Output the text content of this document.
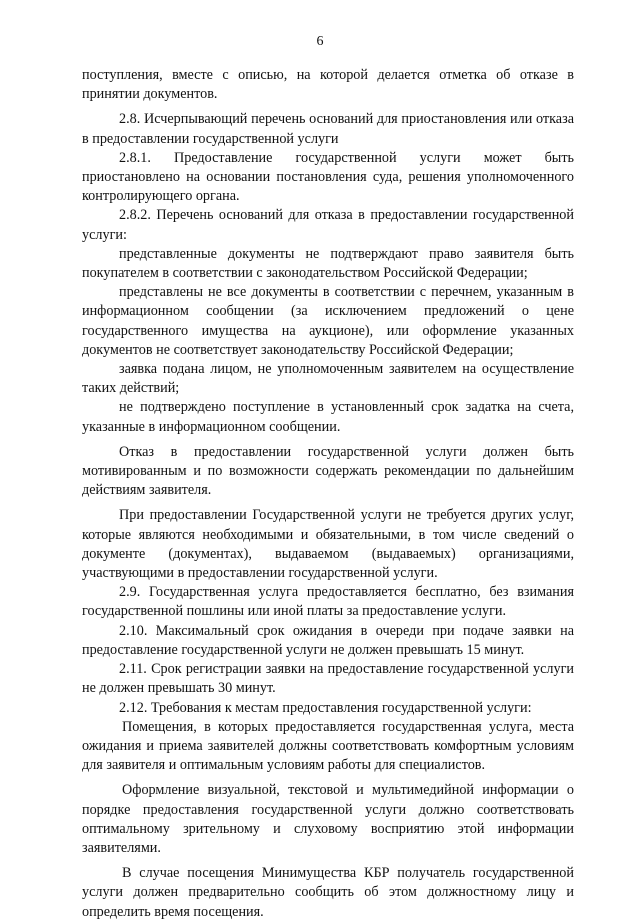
6

поступления, вместе с описью, на которой делается отметка об отказе в принятии документов.

2.8. Исчерпывающий перечень оснований для приостановления или отказа в предоставлении государственной услуги

2.8.1. Предоставление государственной услуги может быть приостановлено на основании постановления суда, решения уполномоченного контролирующего органа.

2.8.2. Перечень оснований для отказа в предоставлении государственной услуги:

представленные документы не подтверждают право заявителя быть покупателем в соответствии с законодательством Российской Федерации;

представлены не все документы в соответствии с перечнем, указанным в информационном сообщении (за исключением предложений о цене государственного имущества на аукционе), или оформление указанных документов не соответствует законодательству Российской Федерации;

заявка подана лицом, не уполномоченным заявителем на осуществление таких действий;

не подтверждено поступление в установленный срок задатка на счета, указанные в информационном сообщении.

Отказ в предоставлении государственной услуги должен быть мотивированным и по возможности содержать рекомендации по дальнейшим действиям заявителя.

При предоставлении Государственной услуги не требуется других услуг, которые являются необходимыми и обязательными, в том числе сведений о документе (документах), выдаваемом (выдаваемых) организациями, участвующими в предоставлении государственной услуги.

2.9. Государственная услуга предоставляется бесплатно, без взимания государственной пошлины или иной платы за предоставление услуги.

2.10. Максимальный срок ожидания в очереди при подаче заявки на предоставление государственной услуги не должен превышать 15 минут.

2.11. Срок регистрации заявки на предоставление государственной услуги не должен превышать 30 минут.

2.12. Требования к местам предоставления государственной услуги:

Помещения, в которых предоставляется государственная услуга, места ожидания и приема заявителей должны соответствовать комфортным условиям для заявителя и оптимальным условиям работы для специалистов.

Оформление визуальной, текстовой и мультимедийной информации о порядке предоставления государственной услуги должно соответствовать оптимальному зрительному и слуховому восприятию этой информации заявителями.

В случае посещения Минимущества КБР получатель государственной услуги должен предварительно сообщить об этом должностному лицу и определить время посещения.
